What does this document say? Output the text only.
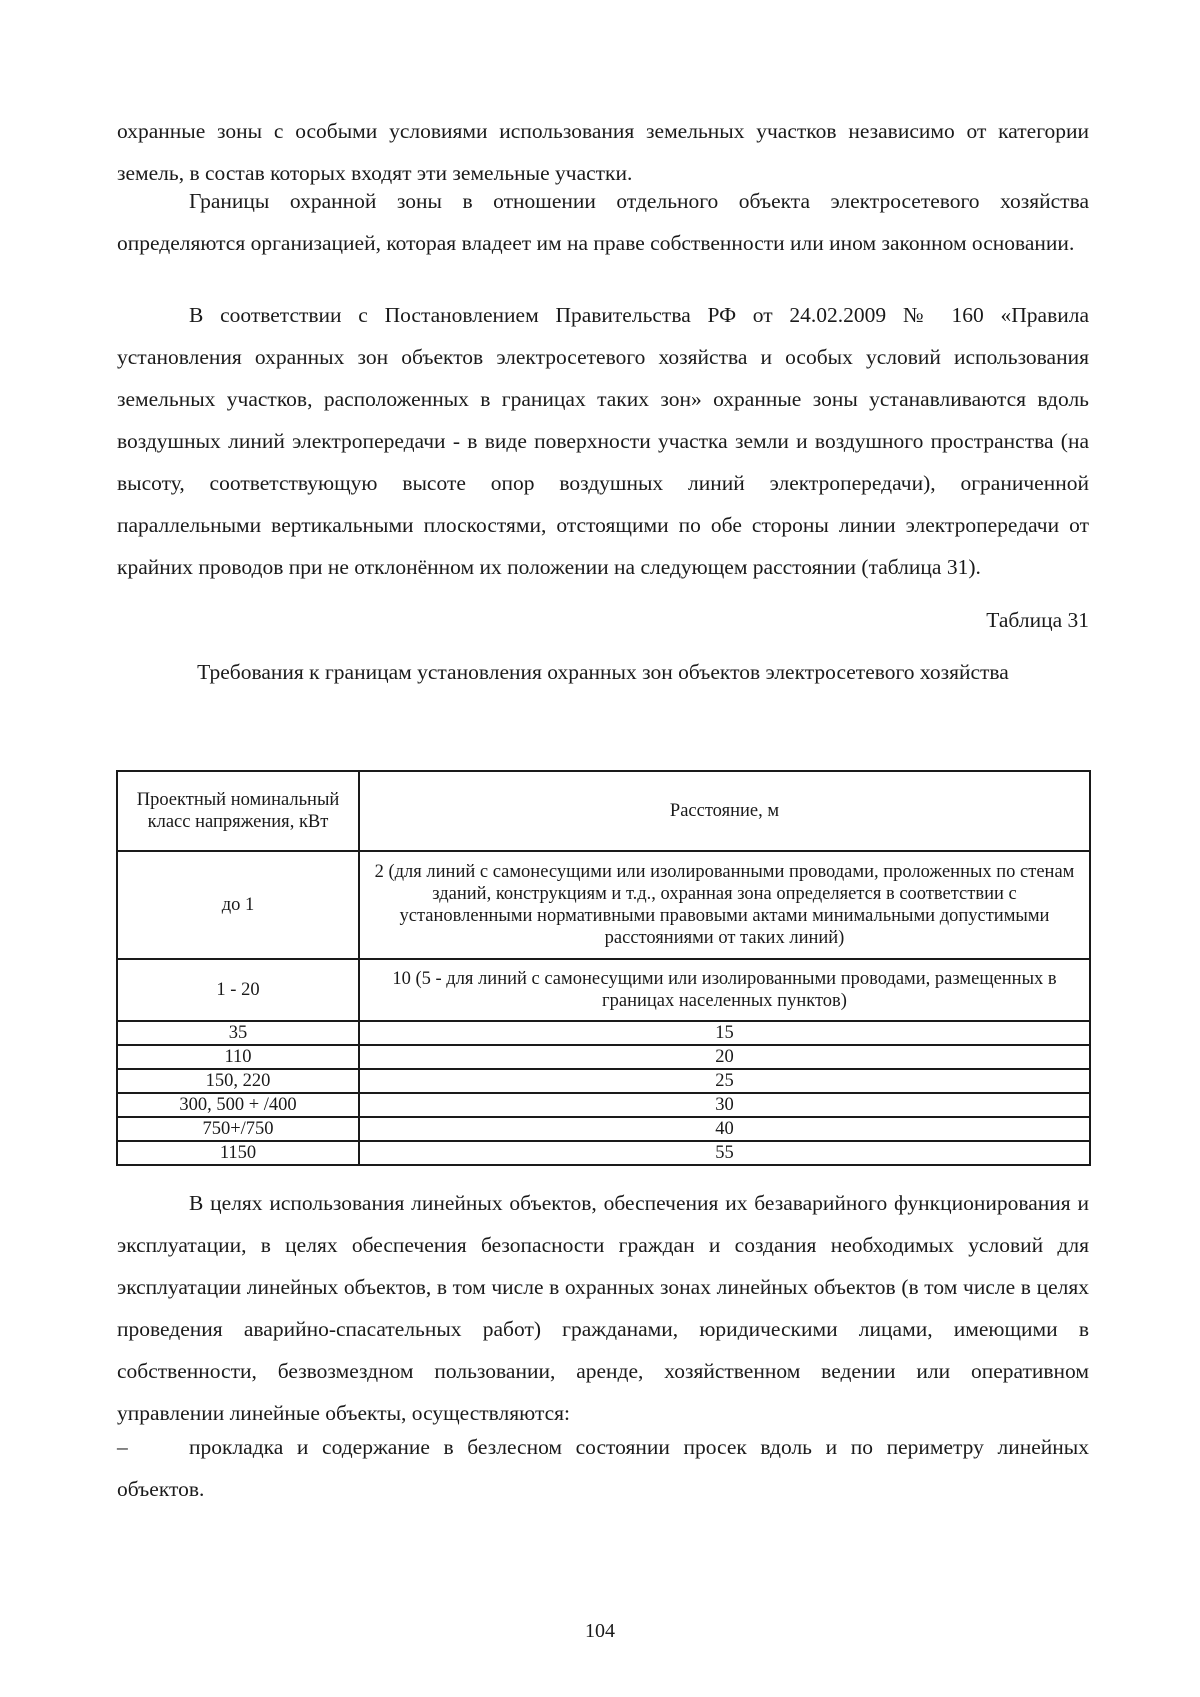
охранные зоны с особыми условиями использования земельных участков независимо от категории земель, в состав которых входят эти земельные участки.

Границы охранной зоны в отношении отдельного объекта электросетевого хозяйства определяются организацией, которая владеет им на праве собственности или ином законном основании.

В соответствии с Постановлением Правительства РФ от 24.02.2009 № 160 «Правила установления охранных зон объектов электросетевого хозяйства и особых условий использования земельных участков, расположенных в границах таких зон» охранные зоны устанавливаются вдоль воздушных линий электропередачи - в виде поверхности участка земли и воздушного пространства (на высоту, соответствующую высоте опор воздушных линий электропередачи), ограниченной параллельными вертикальными плоскостями, отстоящими по обе стороны линии электропередачи от крайних проводов при не отклонённом их положении на следующем расстоянии (таблица 31).

Таблица 31

Требования к границам установления охранных зон объектов электросетевого хозяйства

Проектный номинальный класс напряжения, кВт	Расстояние, м
до 1	2 (для линий с самонесущими или изолированными проводами, проложенных по стенам зданий, конструкциям и т.д., охранная зона определяется в соответствии с установленными нормативными правовыми актами минимальными допустимыми расстояниями от таких линий)
1 - 20	10 (5 - для линий с самонесущими или изолированными проводами, размещенных в границах населенных пунктов)
35	15
110	20
150, 220	25
300, 500 + /400	30
750+/750	40
1150	55

В целях использования линейных объектов, обеспечения их безаварийного функционирования и эксплуатации, в целях обеспечения безопасности граждан и создания необходимых условий для эксплуатации линейных объектов, в том числе в охранных зонах линейных объектов (в том числе в целях проведения аварийно-спасательных работ) гражданами, юридическими лицами, имеющими в собственности, безвозмездном пользовании, аренде, хозяйственном ведении или оперативном управлении линейные объекты, осуществляются:

–	прокладка и содержание в безлесном состоянии просек вдоль и по периметру линейных объектов.

104
